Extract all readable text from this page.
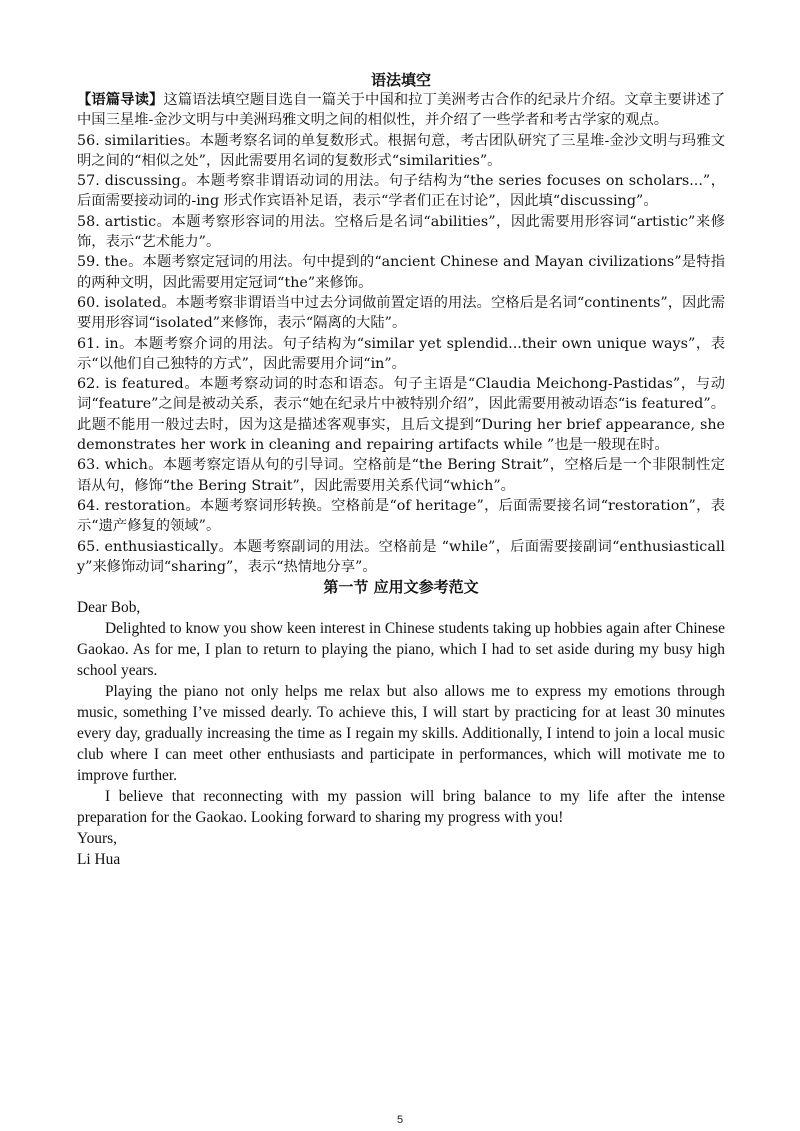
语法填空

【语篇导读】这篇语法填空题目选自一篇关于中国和拉丁美洲考古合作的纪录片介绍。文章主要讲述了中国三星堆-金沙文明与中美洲玛雅文明之间的相似性，并介绍了一些学者和考古学家的观点。

56. similarities。本题考察名词的单复数形式。根据句意，考古团队研究了三星堆-金沙文明与玛雅文明之间的“相似之处”，因此需要用名词的复数形式“similarities”。

57. discussing。本题考察非谓语动词的用法。句子结构为“the series focuses on scholars...”，后面需要接动词的-ing 形式作宾语补足语，表示“学者们正在讨论”，因此填“discussing”。

58. artistic。本题考察形容词的用法。空格后是名词“abilities”，因此需要用形容词“artistic”来修饰，表示“艺术能力”。

59. the。本题考察定冠词的用法。句中提到的“ancient Chinese and Mayan civilizations”是特指的两种文明，因此需要用定冠词“the”来修饰。

60. isolated。本题考察非谓语当中过去分词做前置定语的用法。空格后是名词“continents”，因此需要用形容词“isolated”来修饰，表示“隔离的大陆”。

61. in。本题考察介词的用法。句子结构为“similar yet splendid...their own unique ways”，表示“以他们自己独特的方式”，因此需要用介词“in”。

62. is featured。本题考察动词的时态和语态。句子主语是“Claudia Meichong-Pastidas”，与动词“feature”之间是被动关系，表示“她在纪录片中被特别介绍”，因此需要用被动语态“is featured”。此题不能用一般过去时，因为这是描述客观事实，且后文提到“During her brief appearance, she demonstrates her work in cleaning and repairing artifacts while ”也是一般现在时。

63. which。本题考察定语从句的引导词。空格前是“the Bering Strait”，空格后是一个非限制性定语从句，修饰“the Bering Strait”，因此需要用关系代词“which”。

64. restoration。本题考察词形转换。空格前是“of heritage”，后面需要接名词“restoration”，表示“遗产修复的领域”。

65. enthusiastically。本题考察副词的用法。空格前是 “while”，后面需要接副词“enthusiastically”来修饰动词“sharing”，表示“热情地分享”。

第一节 应用文参考范文

Dear Bob,

Delighted to know you show keen interest in Chinese students taking up hobbies again after Chinese Gaokao. As for me, I plan to return to playing the piano, which I had to set aside during my busy high school years.

Playing the piano not only helps me relax but also allows me to express my emotions through music, something I’ve missed dearly. To achieve this, I will start by practicing for at least 30 minutes every day, gradually increasing the time as I regain my skills. Additionally, I intend to join a local music club where I can meet other enthusiasts and participate in performances, which will motivate me to improve further.

I believe that reconnecting with my passion will bring balance to my life after the intense preparation for the Gaokao. Looking forward to sharing my progress with you!

Yours,

Li Hua

5
